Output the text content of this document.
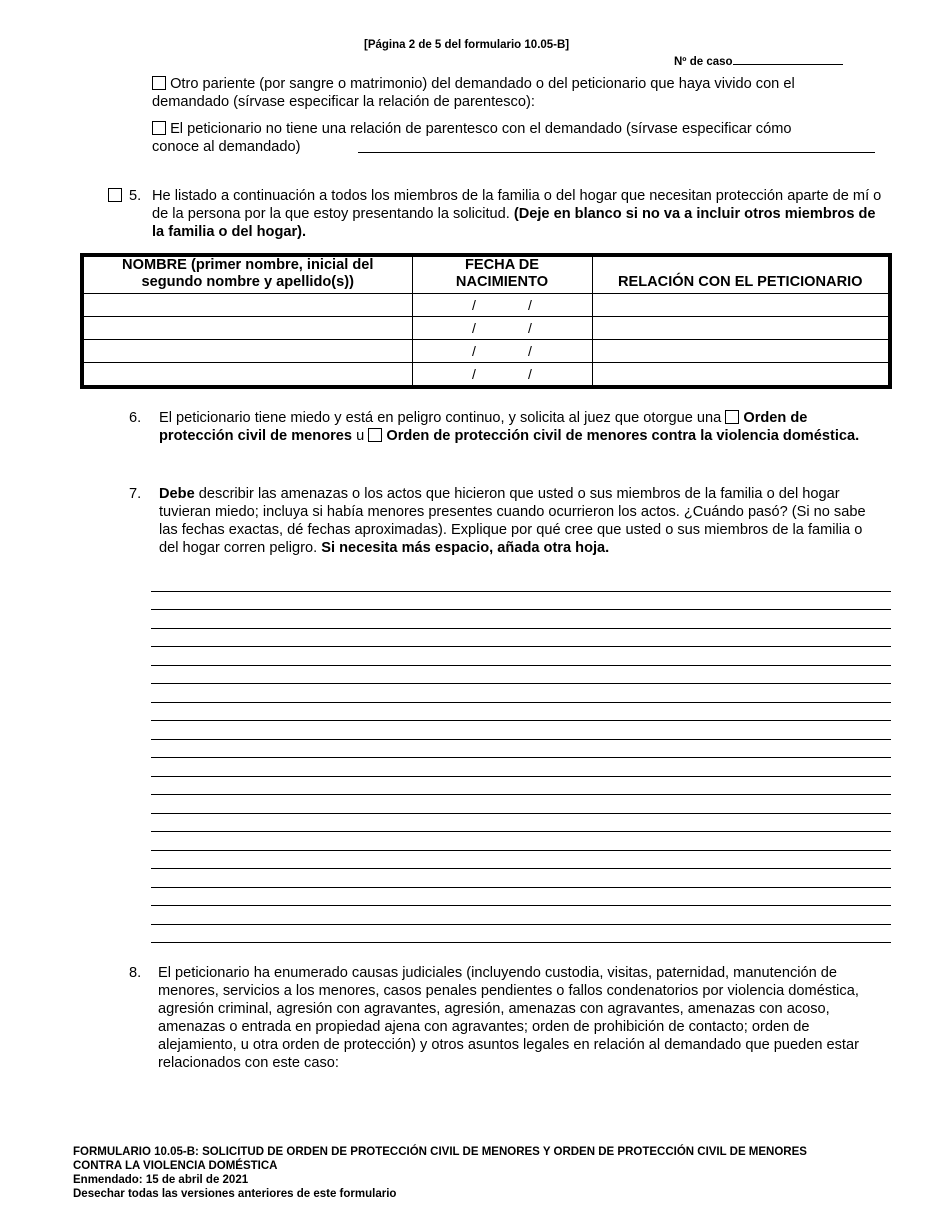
[Página 2 de 5 del formulario 10.05-B]
Nº de caso
Otro pariente (por sangre o matrimonio) del demandado o del peticionario que haya vivido con el demandado (sírvase especificar la relación de parentesco):
El peticionario no tiene una relación de parentesco con el demandado (sírvase especificar cómo
conoce al demandado)
5. He listado a continuación a todos los miembros de la familia o del hogar que necesitan protección aparte de mí o de la persona por la que estoy presentando la solicitud. (Deje en blanco si no va a incluir otros miembros de la familia o del hogar).
NOMBRE (primer nombre, inicial del segundo nombre y apellido(s))	FECHA DE NACIMIENTO	RELACIÓN CON EL PETICIONARIO
	/ /	
	/ /	
	/ /	
	/ /	
6. El peticionario tiene miedo y está en peligro continuo, y solicita al juez que otorgue una Orden de protección civil de menores u Orden de protección civil de menores contra la violencia doméstica.
7. Debe describir las amenazas o los actos que hicieron que usted o sus miembros de la familia o del hogar tuvieran miedo; incluya si había menores presentes cuando ocurrieron los actos. ¿Cuándo pasó? (Si no sabe las fechas exactas, dé fechas aproximadas). Explique por qué cree que usted o sus miembros de la familia o del hogar corren peligro. Si necesita más espacio, añada otra hoja.
8. El peticionario ha enumerado causas judiciales (incluyendo custodia, visitas, paternidad, manutención de menores, servicios a los menores, casos penales pendientes o fallos condenatorios por violencia doméstica, agresión criminal, agresión con agravantes, agresión, amenazas con agravantes, amenazas con acoso, amenazas o entrada en propiedad ajena con agravantes; orden de prohibición de contacto; orden de alejamiento, u otra orden de protección) y otros asuntos legales en relación al demandado que pueden estar relacionados con este caso:
FORMULARIO 10.05-B: SOLICITUD DE ORDEN DE PROTECCIÓN CIVIL DE MENORES Y ORDEN DE PROTECCIÓN CIVIL DE MENORES
CONTRA LA VIOLENCIA DOMÉSTICA
Enmendado: 15 de abril de 2021
Desechar todas las versiones anteriores de este formulario
